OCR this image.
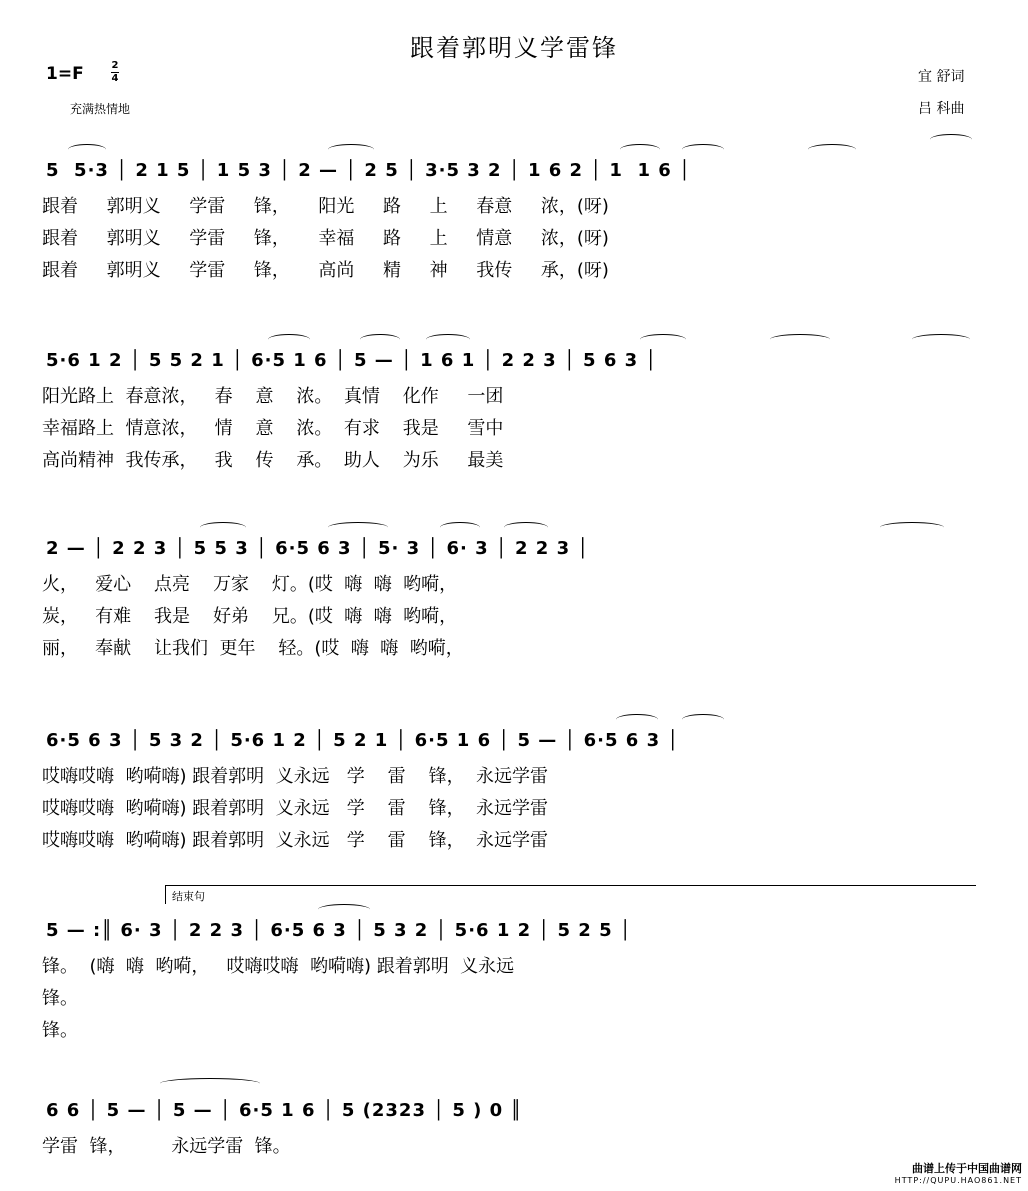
跟着郭明义学雷锋
1=F	2
4
充满热情地
宜 舒词
吕 科曲
5  5·3 │ 2 1 5 │ 1 5 3 │ 2 — │ 2 5 │ 3·5 3 2 │ 1 6 2 │ 1  1 6 │
跟着     郭明义     学雷     锋，     阳光     路     上     春意     浓，(呀)
跟着     郭明义     学雷     锋，     幸福     路     上     情意     浓，(呀)
跟着     郭明义     学雷     锋，     高尚     精     神     我传     承，(呀)
5·6 1 2 │ 5 5 2 1 │ 6·5 1 6 │ 5 — │ 1 6 1 │ 2 2 3 │ 5 6 3 │
阳光路上  春意浓，   春    意    浓。  真情    化作     一团
幸福路上  情意浓，   情    意    浓。  有求    我是     雪中
高尚精神  我传承，   我    传    承。  助人    为乐     最美
2 — │ 2 2 3 │ 5 5 3 │ 6·5 6 3 │ 5· 3 │ 6· 3 │ 2 2 3 │
火，   爱心    点亮    万家    灯。(哎  嗨  嗨  哟嗬，
炭，   有难    我是    好弟    兄。(哎  嗨  嗨  哟嗬，
丽，   奉献    让我们  更年    轻。(哎  嗨  嗨  哟嗬，
6·5 6 3 │ 5 3 2 │ 5·6 1 2 │ 5 2 1 │ 6·5 1 6 │ 5 — │ 6·5 6 3 │
哎嗨哎嗨  哟嗬嗨) 跟着郭明  义永远   学    雷    锋，  永远学雷
哎嗨哎嗨  哟嗬嗨) 跟着郭明  义永远   学    雷    锋，  永远学雷
哎嗨哎嗨  哟嗬嗨) 跟着郭明  义永远   学    雷    锋，  永远学雷
结束句
5 — :║ 6· 3 │ 2 2 3 │ 6·5 6 3 │ 5 3 2 │ 5·6 1 2 │ 5 2 5 │
锋。  (嗨  嗨  哟嗬，   哎嗨哎嗨  哟嗬嗨) 跟着郭明  义永远
锋。
锋。
6 6 │ 5 — │ 5 — │ 6·5 1 6 │ 5 (2323 │ 5 ) 0 ║
学雷  锋，        永远学雷  锋。
曲谱上传于中国曲谱网
HTTP://QUPU.HAO861.NET
